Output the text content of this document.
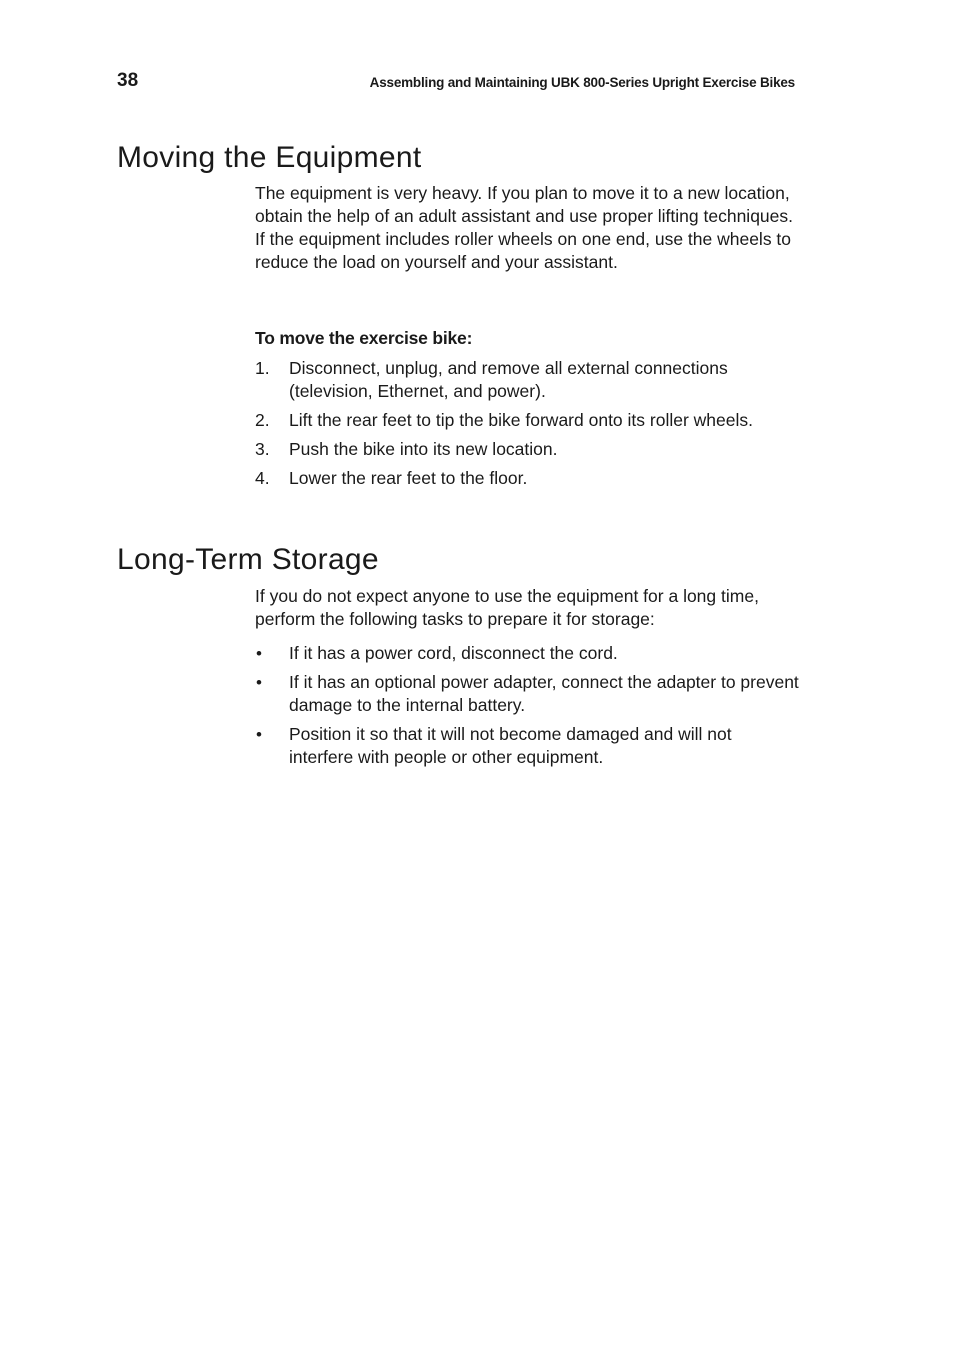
38	Assembling and Maintaining UBK 800-Series Upright Exercise Bikes
Moving the Equipment

The equipment is very heavy. If you plan to move it to a new location, obtain the help of an adult assistant and use proper lifting techniques. If the equipment includes roller wheels on one end, use the wheels to reduce the load on yourself and your assistant.

To move the exercise bike:
1. Disconnect, unplug, and remove all external connections (television, Ethernet, and power).
2. Lift the rear feet to tip the bike forward onto its roller wheels.
3. Push the bike into its new location.
4. Lower the rear feet to the floor.
Long-Term Storage

If you do not expect anyone to use the equipment for a long time, perform the following tasks to prepare it for storage:

• If it has a power cord, disconnect the cord.
• If it has an optional power adapter, connect the adapter to prevent damage to the internal battery.
• Position it so that it will not become damaged and will not interfere with people or other equipment.
